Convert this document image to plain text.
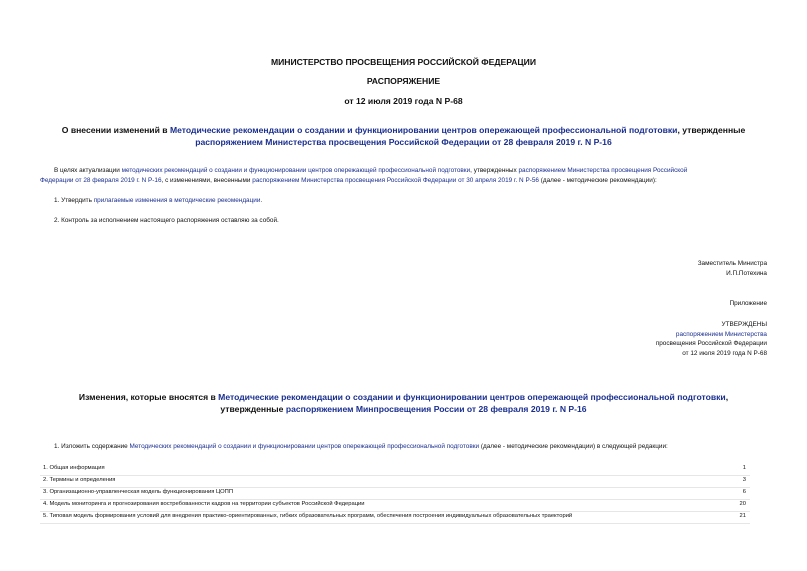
МИНИСТЕРСТВО ПРОСВЕЩЕНИЯ РОССИЙСКОЙ ФЕДЕРАЦИИ
РАСПОРЯЖЕНИЕ
от 12 июля 2019 года N Р-68
О внесении изменений в Методические рекомендации о создании и функционировании центров опережающей профессиональной подготовки, утвержденные
распоряжением Министерства просвещения Российской Федерации от 28 февраля 2019 г. N Р-16
В целях актуализации методических рекомендаций о создании и функционировании центров опережающей профессиональной подготовки, утвержденных распоряжением Министерства просвещения Российской
Федерации от 28 февраля 2019 г. N Р-16, с изменениями, внесенными распоряжением Министерства просвещения Российской Федерации от 30 апреля 2019 г. N Р-56 (далее - методические рекомендации):
1. Утвердить прилагаемые изменения в методические рекомендации.
2. Контроль за исполнением настоящего распоряжения оставляю за собой.
Заместитель Министра
И.П.Потехина
Приложение
УТВЕРЖДЕНЫ
распоряжением Министерства
просвещения Российской Федерации
от 12 июля 2019 года N Р-68
Изменения, которые вносятся в Методические рекомендации о создании и функционировании центров опережающей профессиональной подготовки,
утвержденные распоряжением Минпросвещения России от 28 февраля 2019 г. N Р-16
1. Изложить содержание Методических рекомендаций о создании и функционировании центров опережающей профессиональной подготовки (далее - методические рекомендации) в следующей редакции:
1. Общая информация	1
2. Термины и определения	3
3. Организационно-управленческая модель функционирования ЦОПП	6
4. Модель мониторинга и прогнозирования востребованности кадров на территории субъектов Российской Федерации	20
5. Типовая модель формирования условий для внедрения практико-ориентированных, гибких образовательных программ, обеспечения построения индивидуальных образовательных траекторий	21
